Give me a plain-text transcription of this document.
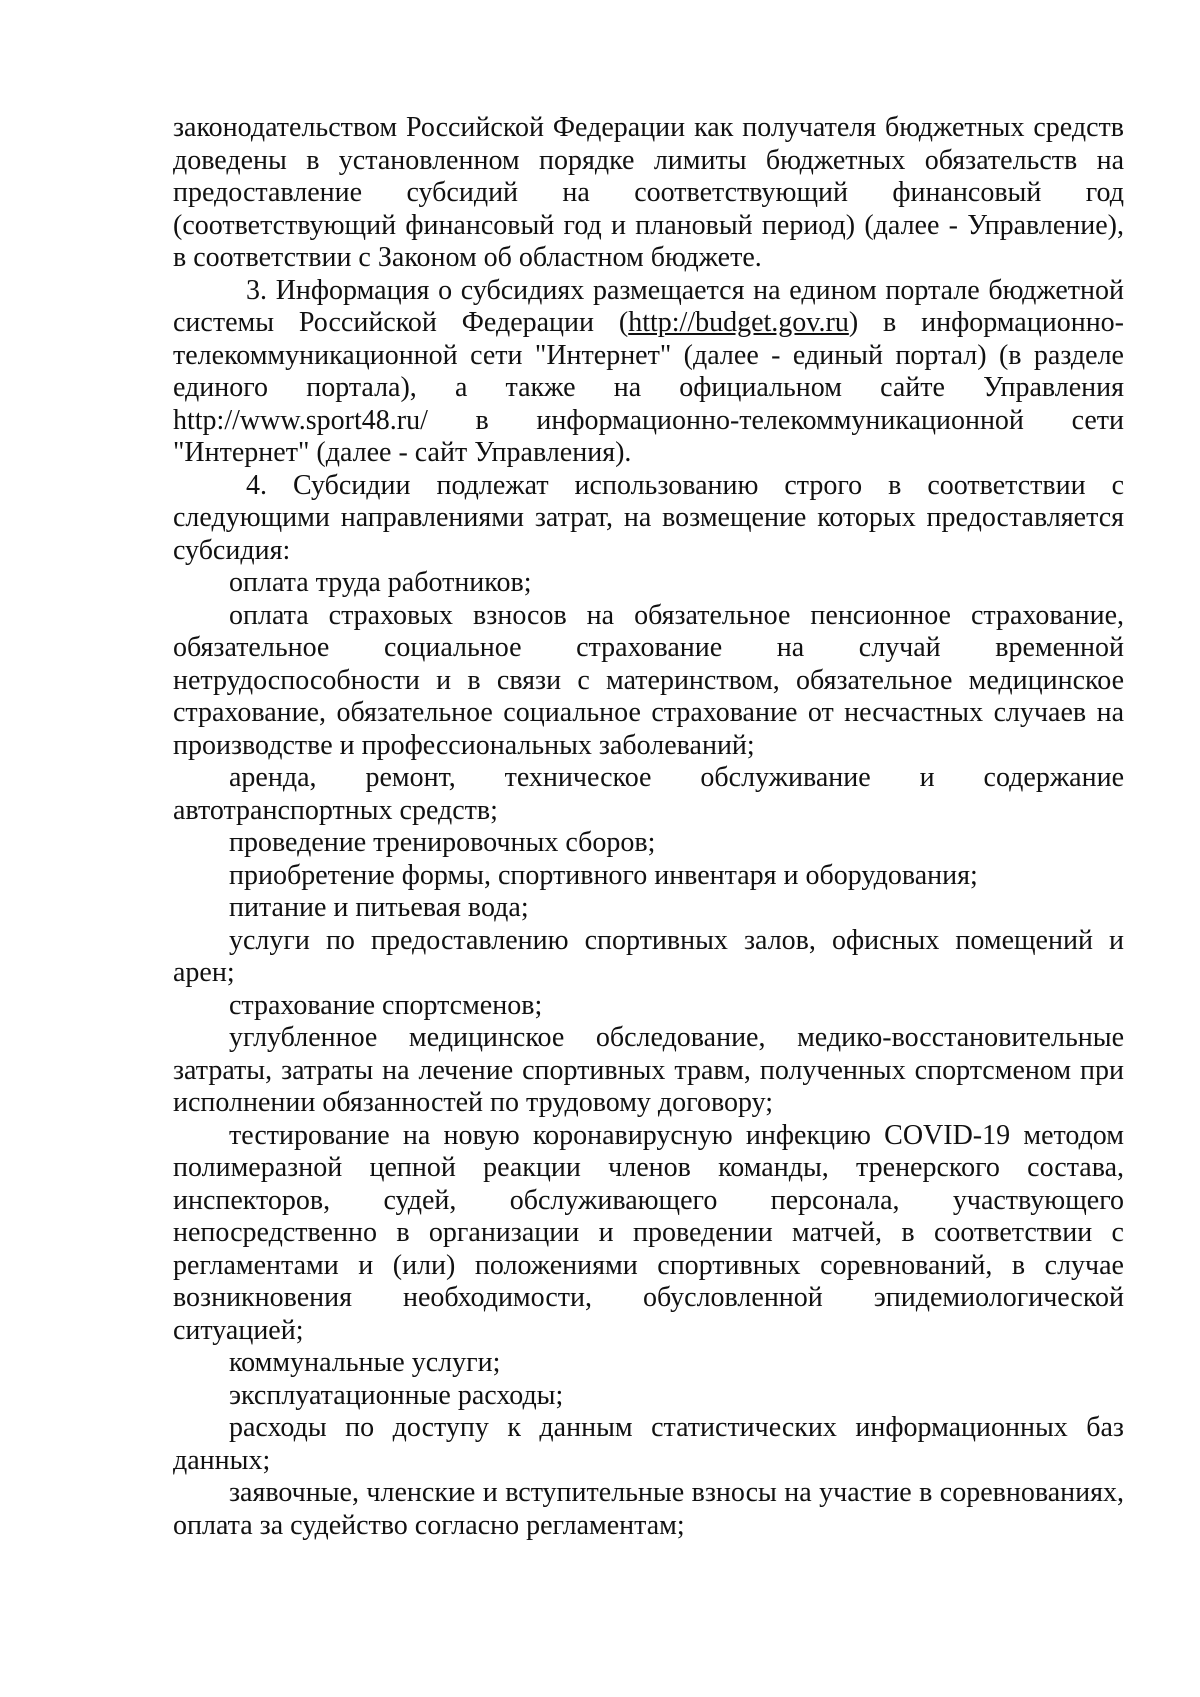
законодательством Российской Федерации как получателя бюджетных средств доведены в установленном порядке лимиты бюджетных обязательств на предоставление субсидий на соответствующий финансовый год (соответствующий финансовый год и плановый период) (далее - Управление), в соответствии с Законом об областном бюджете.

3. Информация о субсидиях размещается на едином портале бюджетной системы Российской Федерации (http://budget.gov.ru) в информационно-телекоммуникационной сети "Интернет" (далее - единый портал) (в разделе единого портала), а также на официальном сайте Управления http://www.sport48.ru/ в информационно-телекоммуникационной сети "Интернет" (далее - сайт Управления).

4. Субсидии подлежат использованию строго в соответствии с следующими направлениями затрат, на возмещение которых предоставляется субсидия:

оплата труда работников;

оплата страховых взносов на обязательное пенсионное страхование, обязательное социальное страхование на случай временной нетрудоспособности и в связи с материнством, обязательное медицинское страхование, обязательное социальное страхование от несчастных случаев на производстве и профессиональных заболеваний;

аренда, ремонт, техническое обслуживание и содержание автотранспортных средств;

проведение тренировочных сборов;

приобретение формы, спортивного инвентаря и оборудования;

питание и питьевая вода;

услуги по предоставлению спортивных залов, офисных помещений и арен;

страхование спортсменов;

углубленное медицинское обследование, медико-восстановительные затраты, затраты на лечение спортивных травм, полученных спортсменом при исполнении обязанностей по трудовому договору;

тестирование на новую коронавирусную инфекцию COVID-19 методом полимеразной цепной реакции членов команды, тренерского состава, инспекторов, судей, обслуживающего персонала, участвующего непосредственно в организации и проведении матчей, в соответствии с регламентами и (или) положениями спортивных соревнований, в случае возникновения необходимости, обусловленной эпидемиологической ситуацией;

коммунальные услуги;

эксплуатационные расходы;

расходы по доступу к данным статистических информационных баз данных;

заявочные, членские и вступительные взносы на участие в соревнованиях, оплата за судейство согласно регламентам;
